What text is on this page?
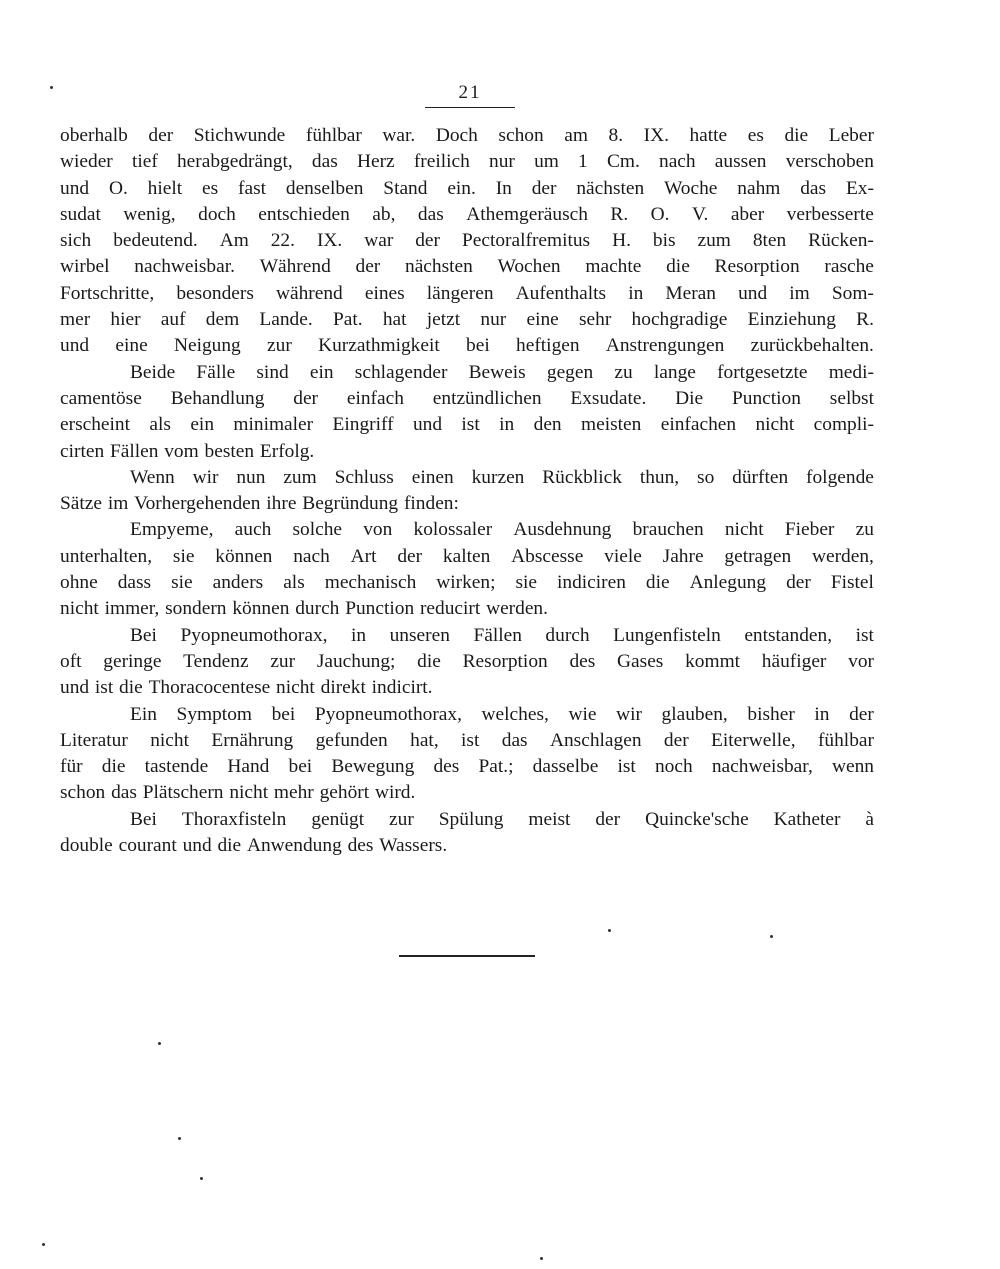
21
oberhalb der Stichwunde fühlbar war. Doch schon am 8. IX. hatte es die Leber
wieder tief herabgedrängt, das Herz freilich nur um 1 Cm. nach aussen verschoben
und O. hielt es fast denselben Stand ein. In der nächsten Woche nahm das Ex-
sudat wenig, doch entschieden ab, das Athemgeräusch R. O. V. aber verbesserte
sich bedeutend. Am 22. IX. war der Pectoralfremitus H. bis zum 8ten Rücken-
wirbel nachweisbar. Während der nächsten Wochen machte die Resorption rasche
Fortschritte, besonders während eines längeren Aufenthalts in Meran und im Som-
mer hier auf dem Lande. Pat. hat jetzt nur eine sehr hochgradige Einziehung R.
und eine Neigung zur Kurzathmigkeit bei heftigen Anstrengungen zurückbehalten.
Beide Fälle sind ein schlagender Beweis gegen zu lange fortgesetzte medi-
camentöse Behandlung der einfach entzündlichen Exsudate. Die Punction selbst
erscheint als ein minimaler Eingriff und ist in den meisten einfachen nicht compli-
cirten Fällen vom besten Erfolg.
Wenn wir nun zum Schluss einen kurzen Rückblick thun, so dürften folgende
Sätze im Vorhergehenden ihre Begründung finden:
Empyeme, auch solche von kolossaler Ausdehnung brauchen nicht Fieber zu
unterhalten, sie können nach Art der kalten Abscesse viele Jahre getragen werden,
ohne dass sie anders als mechanisch wirken; sie indiciren die Anlegung der Fistel
nicht immer, sondern können durch Punction reducirt werden.
Bei Pyopneumothorax, in unseren Fällen durch Lungenfisteln entstanden, ist
oft geringe Tendenz zur Jauchung; die Resorption des Gases kommt häufiger vor
und ist die Thoracocentese nicht direkt indicirt.
Ein Symptom bei Pyopneumothorax, welches, wie wir glauben, bisher in der
Literatur nicht Ernährung gefunden hat, ist das Anschlagen der Eiterwelle, fühlbar
für die tastende Hand bei Bewegung des Pat.; dasselbe ist noch nachweisbar, wenn
schon das Plätschern nicht mehr gehört wird.
Bei Thoraxfisteln genügt zur Spülung meist der Quincke'sche Katheter à
double courant und die Anwendung des Wassers.
